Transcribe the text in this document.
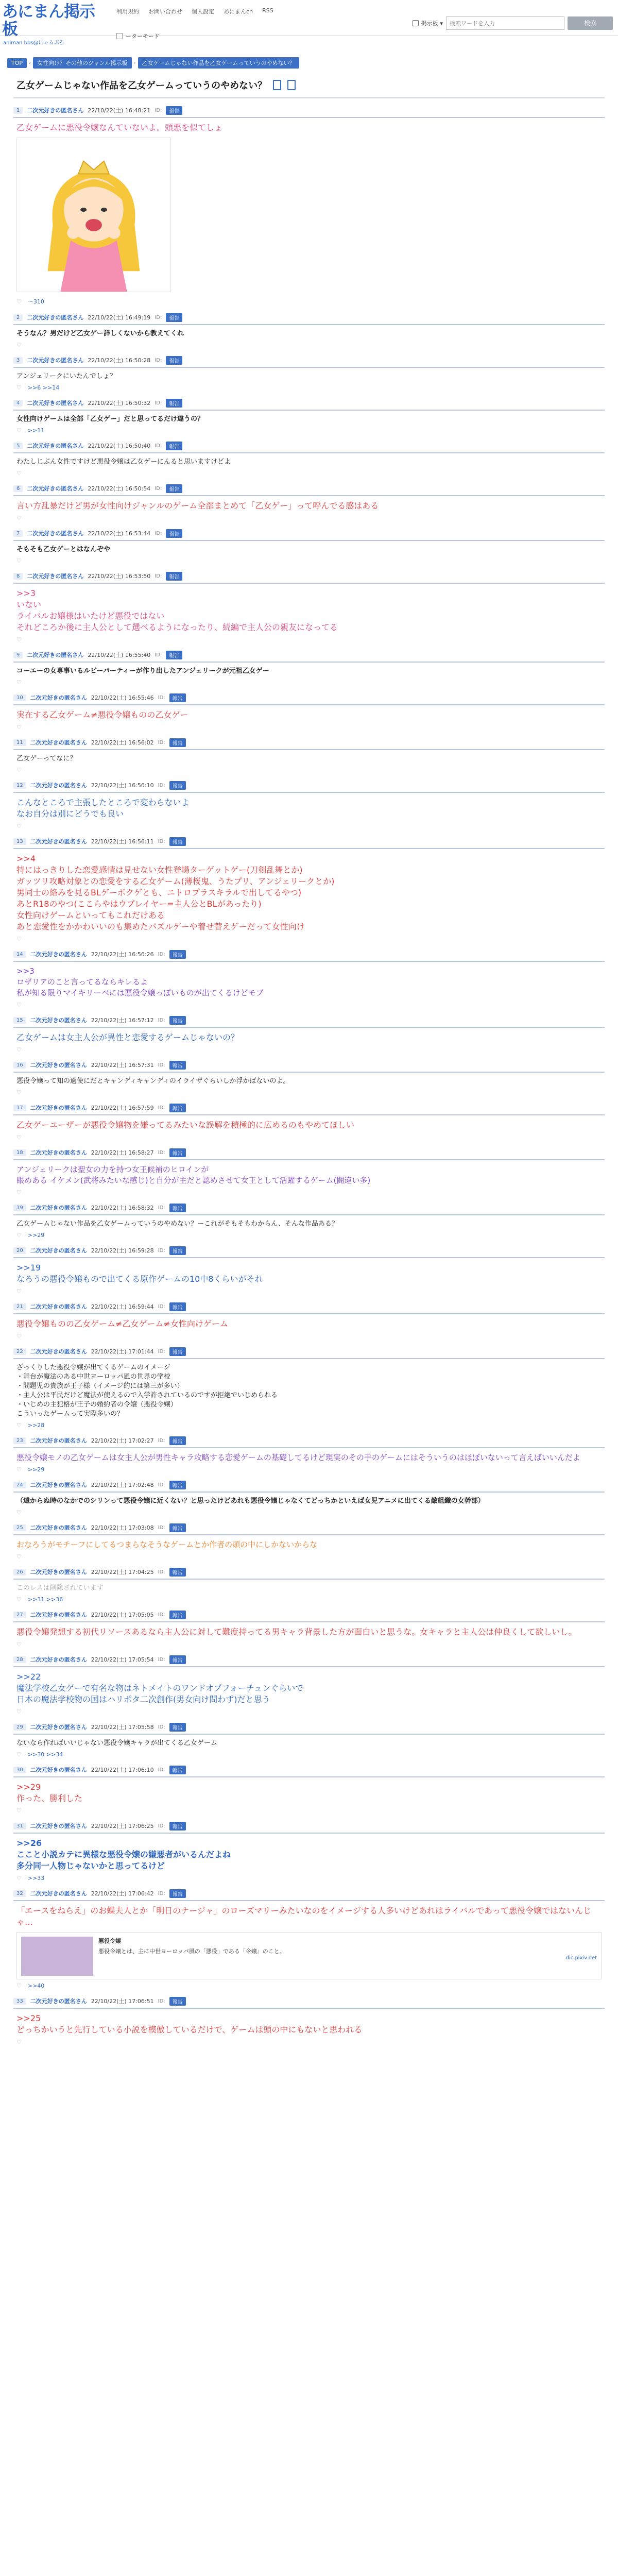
あにまん掲示板
animan bbs@にゃるぷろ
利用規約 お問い合わせ 個人設定 あにまんch RSS
ーターモード
掲示板 ▾
検索ワードを入力	検索
TOP	›	女性向け？その他のジャンル掲示板	›	乙女ゲームじゃない作品を乙女ゲームっていうのやめない？
乙女ゲームじゃない作品を乙女ゲームっていうのやめない？
1	二次元好きの匿名さん 22/10/22(土) 16:48:21 ID:	報告
乙女ゲームに悪役令嬢なんていないよ。頭悪を似てしょ
♡ 〜310
2	二次元好きの匿名さん 22/10/22(土) 16:49:19 ID:	報告
そうなん？男だけど乙女ゲー詳しくないから教えてくれ
♡
3	二次元好きの匿名さん 22/10/22(土) 16:50:28 ID:	報告
アンジェリークにいたんでしょ？
♡ >>6 >>14
4	二次元好きの匿名さん 22/10/22(土) 16:50:32 ID:	報告
女性向けゲームは全部「乙女ゲー」だと思ってるだけ違うの？
♡ >>11
5	二次元好きの匿名さん 22/10/22(土) 16:50:40 ID:	報告
わたしじぶん女性ですけど悪役令嬢は乙女ゲーにんると思いますけどよ
♡
6	二次元好きの匿名さん 22/10/22(土) 16:50:54 ID:	報告
言い方乱暴だけど男が女性向けジャンルのゲーム全部まとめて「乙女ゲー」って呼んでる感はある
♡
7	二次元好きの匿名さん 22/10/22(土) 16:53:44 ID:	報告
そもそも乙女ゲーとはなんぞや
♡
8	二次元好きの匿名さん 22/10/22(土) 16:53:50 ID:	報告
>>3
いない
ライバルお嬢様はいたけど悪役ではない
それどころか後に主人公として選べるようになったり、続編で主人公の親友になってる
♡
9	二次元好きの匿名さん 22/10/22(土) 16:55:40 ID:	報告
コーエーの女専事いるルビーパーティーが作り出したアンジェリークが元祖乙女ゲー
♡
10	二次元好きの匿名さん 22/10/22(土) 16:55:46 ID:	報告
実在する乙女ゲーム≠悪役令嬢ものの乙女ゲー
♡
11	二次元好きの匿名さん 22/10/22(土) 16:56:02 ID:	報告
乙女ゲーってなに？
♡
12	二次元好きの匿名さん 22/10/22(土) 16:56:10 ID:	報告
こんなところで主張したところで変わらないよ
なお自分は別にどうでも良い
♡
13	二次元好きの匿名さん 22/10/22(土) 16:56:11 ID:	報告
>>4
特にはっきりした恋愛感情は見せない女性登場ターゲットゲー(刀剣乱舞とか)
ガッツリ攻略対象との恋愛をする乙女ゲーム(薄桜鬼、うたプリ、アンジェリークとか)
男同士の絡みを見るBLゲーボクゲとも、ニトロプラスキラルで出してるやつ)
あとR18のやつ(ここらやはウブレイヤー=主人公とBLがあったり)
女性向けゲームといってもこれだけある
あと恋愛性をかかわいいのも集めたパズルゲーや着せ替えゲーだって女性向け
♡
14	二次元好きの匿名さん 22/10/22(土) 16:56:26 ID:	報告
>>3
ロザリアのこと言ってるならキレるよ
私が知る限りマイキリーベには悪役令嬢っぽいものが出てくるけどモブ
♡
15	二次元好きの匿名さん 22/10/22(土) 16:57:12 ID:	報告
乙女ゲームは女主人公が異性と恋愛するゲームじゃないの？
♡
16	二次元好きの匿名さん 22/10/22(土) 16:57:31 ID:	報告
悪役令嬢って知の適使にだとキャンディキャンディのイライザぐらいしか浮かばないのよ。
♡
17	二次元好きの匿名さん 22/10/22(土) 16:57:59 ID:	報告
乙女ゲーユーザーが悪役令嬢物を嫌ってるみたいな誤解を積極的に広めるのもやめてほしい
♡
18	二次元好きの匿名さん 22/10/22(土) 16:58:27 ID:	報告
アンジェリークは聖女の力を持つ女王候補のヒロインが
眼めある イケメン(武将みたいな感じ)と自分が主だと認めさせて女王として活躍するゲーム(闘違い多)
♡
19	二次元好きの匿名さん 22/10/22(土) 16:58:32 ID:	報告
乙女ゲームじゃない作品を乙女ゲームっていうのやめない？ーこれがそもそもわからん、そんな作品ある？
♡ >>29
20	二次元好きの匿名さん 22/10/22(土) 16:59:28 ID:	報告
>>19
なろうの悪役令嬢もので出てくる原作ゲームの10中8くらいがそれ
♡
21	二次元好きの匿名さん 22/10/22(土) 16:59:44 ID:	報告
悪役令嬢ものの乙女ゲーム≠乙女ゲーム≠女性向けゲーム
♡
22	二次元好きの匿名さん 22/10/22(土) 17:01:44 ID:	報告
ざっくりした悪役令嬢が出てくるゲームのイメージ
・舞台が魔法のある中世ヨーロッパ風の世界の学校
・問題児の貴族が王子様（イメージ的には第三が多い）
・主人公は平民だけど魔法が使えるので入学許されているのですが拒絶でいじめられる
・いじめの主犯格が王子の婚約者の令嬢（悪役令嬢）
こういったゲームって実際多いの？
♡ >>28
23	二次元好きの匿名さん 22/10/22(土) 17:02:27 ID:	報告
悪役令嬢モノの乙女ゲームは女主人公が男性キャラ攻略する恋愛ゲームの基礎してるけど現実のその手のゲームにはそういうのはほぼいないって言えばいいんだよ
♡ >>29
24	二次元好きの匿名さん 22/10/22(土) 17:02:48 ID:	報告
（遠からぬ時のなかでのシリンって悪役令嬢に近くない？と思ったけどあれも悪役令嬢じゃなくてどっちかといえば女児アニメに出てくる敵組織の女幹部）
♡
25	二次元好きの匿名さん 22/10/22(土) 17:03:08 ID:	報告
おなろうがモチーフにしてるつまらなそうなゲームとか作者の頭の中にしかないからな
♡
26	二次元好きの匿名さん 22/10/22(土) 17:04:25 ID:	報告
このレスは削除されています
♡ >>31 >>36
27	二次元好きの匿名さん 22/10/22(土) 17:05:05 ID:	報告
悪役令嬢発想する初代リソースあるなら主人公に対して難度持ってる男キャラ背景した方が面白いと思うな。女キャラと主人公は仲良くして欲しいし。
♡
28	二次元好きの匿名さん 22/10/22(土) 17:05:54 ID:	報告
>>22
魔法学校乙女ゲーで有名な物はネトメイトのワンドオブフォーチュンぐらいで
日本の魔法学校物の国はハリポタ二次創作(男女向け問わず)だと思う
♡
29	二次元好きの匿名さん 22/10/22(土) 17:05:58 ID:	報告
ないなら作ればいいじゃない悪役令嬢キャラが出てくる乙女ゲーム
♡ >>30 >>34
30	二次元好きの匿名さん 22/10/22(土) 17:06:10 ID:	報告
>>29
作った、勝利した
♡
31	二次元好きの匿名さん 22/10/22(土) 17:06:25 ID:	報告
>>26
ここと小説カテに異様な悪役令嬢の嫌悪者がいるんだよね
多分同一人物じゃないかと思ってるけど
♡ >>33
32	二次元好きの匿名さん 22/10/22(土) 17:06:42 ID:	報告
「エースをねらえ」のお蝶夫人とか「明日のナージャ」のローズマリーみたいなのをイメージする人多いけどあれはライバルであって悪役令嬢ではないんじゃ…
悪役令嬢
悪役令嬢とは、主に中世ヨーロッパ風の「悪役」である「令嬢」のこと。
dic.pixiv.net
♡ >>40
33	二次元好きの匿名さん 22/10/22(土) 17:06:51 ID:	報告
>>25
どっちかいうと先行している小説を模倣しているだけで、ゲームは頭の中にもないと思われる
♡
